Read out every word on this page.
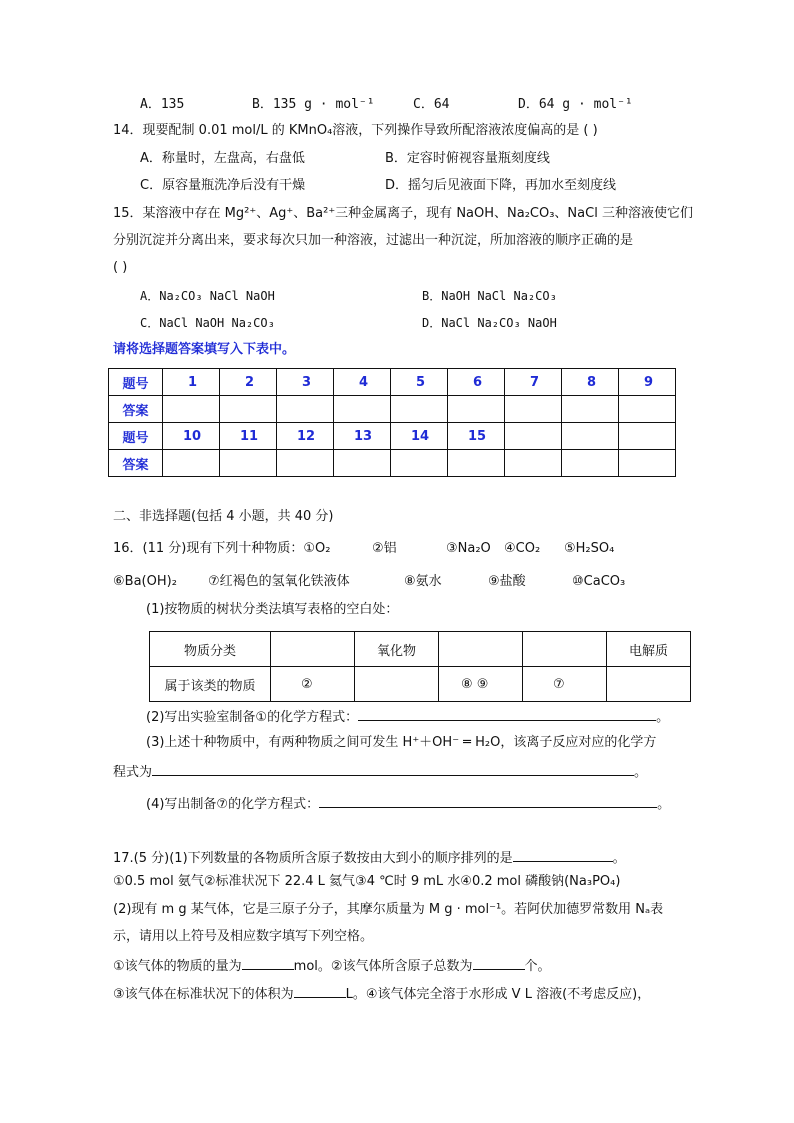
A．135	B．135 g · mol⁻¹	C．64	D．64 g · mol⁻¹
14．现要配制 0.01 mol/L 的 KMnO₄溶液，下列操作导致所配溶液浓度偏高的是 ( )
A．称量时，左盘高，右盘低	B．定容时俯视容量瓶刻度线
C．原容量瓶洗净后没有干燥	D．摇匀后见液面下降，再加水至刻度线
15．某溶液中存在 Mg²⁺、Ag⁺、Ba²⁺三种金属离子，现有 NaOH、Na₂CO₃、NaCl 三种溶液使它们
分别沉淀并分离出来，要求每次只加一种溶液，过滤出一种沉淀，所加溶液的顺序正确的是
( )
A．Na₂CO₃ NaCl NaOH	B．NaOH NaCl Na₂CO₃
C．NaCl NaOH Na₂CO₃	D．NaCl Na₂CO₃ NaOH
请将选择题答案填写入下表中。
题号	1	2	3	4	5	6	7	8	9
答案									
题号	10	11	12	13	14	15			
答案									
二、非选择题(包括 4 小题，共 40 分)
16．(11 分)现有下列十种物质：①O₂	②铝	③Na₂O ④CO₂ ⑤H₂SO₄
⑥Ba(OH)₂ ⑦红褐色的氢氧化铁液体	⑧氨水	⑨盐酸	⑩CaCO₃
(1)按物质的树状分类法填写表格的空白处：
物质分类		氧化物			电解质
属于该类的物质	②		⑧ ⑨	⑦	
(2)写出实验室制备①的化学方程式：	。
(3)上述十种物质中，有两种物质之间可发生 H⁺＋OH⁻ ═ H₂O，该离子反应对应的化学方
程式为	。
(4)写出制备⑦的化学方程式：	。
17.(5 分)(1)下列数量的各物质所含原子数按由大到小的顺序排列的是	。
①0.5 mol 氨气②标准状况下 22.4 L 氦气③4 ℃时 9 mL 水④0.2 mol 磷酸钠(Na₃PO₄)
(2)现有 m g 某气体，它是三原子分子，其摩尔质量为 M g · mol⁻¹。若阿伏加德罗常数用 Nₐ表
示，请用以上符号及相应数字填写下列空格。
①该气体的物质的量为	mol。②该气体所含原子总数为	个。
③该气体在标准状况下的体积为	L。④该气体完全溶于水形成 V L 溶液(不考虑反应)，
